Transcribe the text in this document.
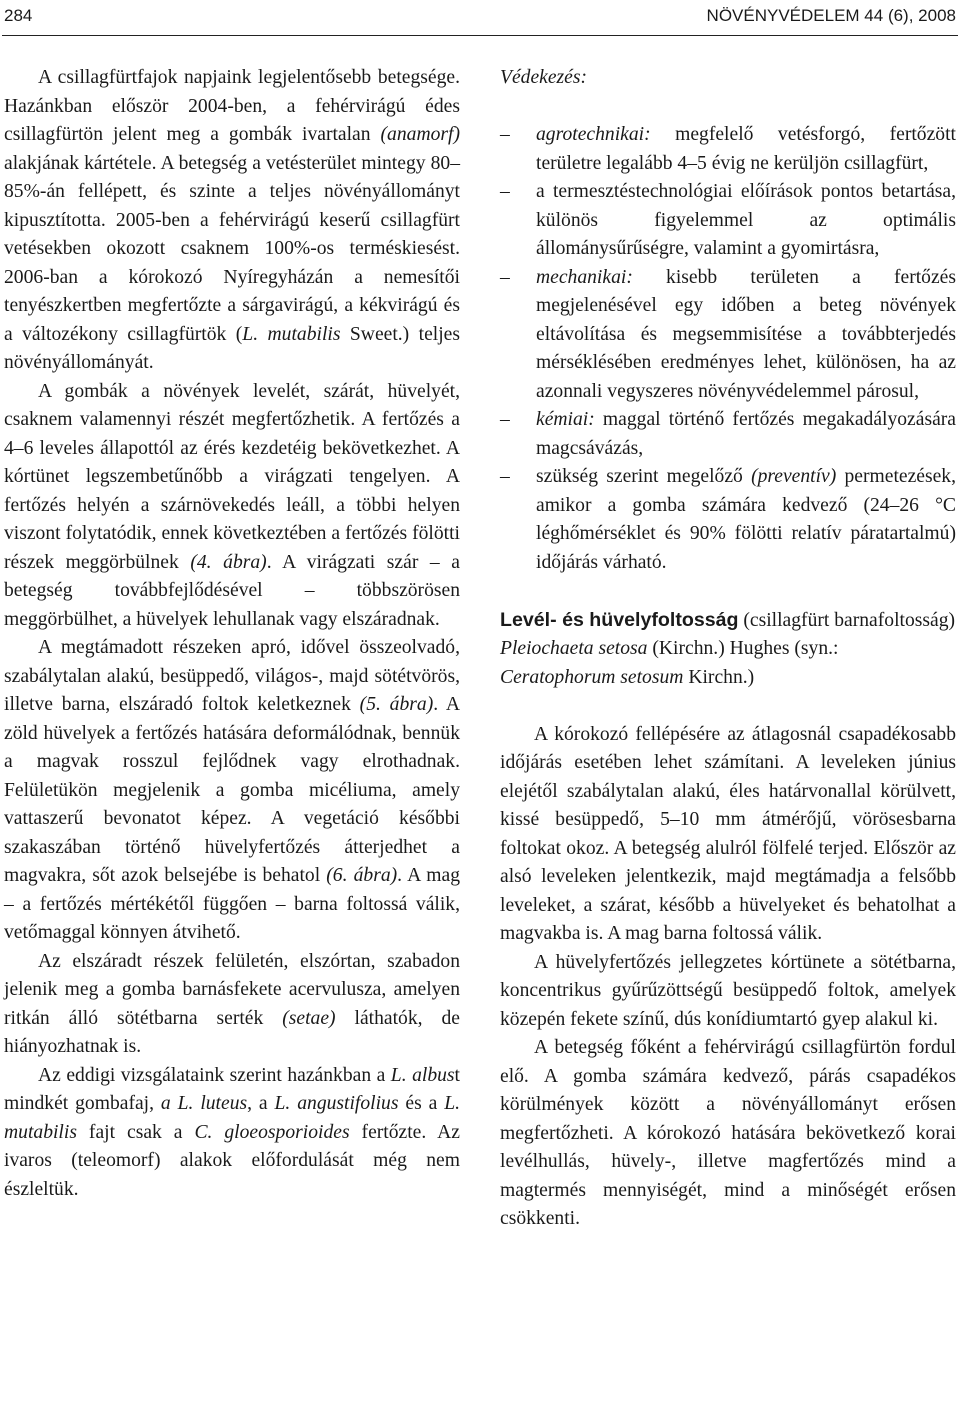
284	NÖVÉNYVÉDELEM 44 (6), 2008

A csillagfürtfajok napjaink legjelentősebb betegsége. Hazánkban először 2004-ben, a fehérvirágú édes csillagfürtön jelent meg a gombák ivartalan (anamorf) alakjának kártétele. A betegség a vetésterület mintegy 80–85%-án fellépett, és szinte a teljes növényállományt kipusztította. 2005-ben a fehérvirágú keserű csillagfürt vetésekben okozott csaknem 100%-os terméskiesést. 2006-ban a kórokozó Nyíregyházán a nemesítői tenyészkertben megfertőzte a sárgavirágú, a kékvirágú és a változékony csillagfürtök (L. mutabilis Sweet.) teljes növényállományát.

A gombák a növények levelét, szárát, hüvelyét, csaknem valamennyi részét megfertőzhetik. A fertőzés a 4–6 leveles állapottól az érés kezdetéig bekövetkezhet. A kórtünet legszembetűnőbb a virágzati tengelyen. A fertőzés helyén a szárnövekedés leáll, a többi helyen viszont folytatódik, ennek következtében a fertőzés fölötti részek meggörbülnek (4. ábra). A virágzati szár – a betegség továbbfejlődésével – többszörösen meggörbülhet, a hüvelyek lehullanak vagy elszáradnak.

A megtámadott részeken apró, idővel összeolvadó, szabálytalan alakú, besüppedő, világos-, majd sötétvörös, illetve barna, elszáradó foltok keletkeznek (5. ábra). A zöld hüvelyek a fertőzés hatására deformálódnak, bennük a magvak rosszul fejlődnek vagy elrothadnak. Felületükön megjelenik a gomba micéliuma, amely vattaszerű bevonatot képez. A vegetáció későbbi szakaszában történő hüvelyfertőzés átterjedhet a magvakra, sőt azok belsejébe is behatol (6. ábra). A mag – a fertőzés mértékétől függően – barna foltossá válik, vetőmaggal könnyen átvihető.

Az elszáradt részek felületén, elszórtan, szabadon jelenik meg a gomba barnásfekete acervulusza, amelyen ritkán álló sötétbarna serték (setae) láthatók, de hiányozhatnak is.

Az eddigi vizsgálataink szerint hazánkban a L. albust mindkét gombafaj, a L. luteus, a L. angustifolius és a L. mutabilis fajt csak a C. gloeosporioides fertőzte. Az ivaros (teleomorf) alakok előfordulását még nem észleltük.

Védekezés:

– agrotechnikai: megfelelő vetésforgó, fertőzött területre legalább 4–5 évig ne kerüljön csillagfürt,
– a termesztéstechnológiai előírások pontos betartása, különös figyelemmel az optimális állománysűrűségre, valamint a gyomirtásra,
– mechanikai: kisebb területen a fertőzés megjelenésével egy időben a beteg növények eltávolítása és megsemmisítése a továbbterjedés mérséklésében eredményes lehet, különösen, ha az azonnali vegyszeres növényvédelemmel párosul,
– kémiai: maggal történő fertőzés megakadályozására magcsávázás,
– szükség szerint megelőző (preventív) permetezések, amikor a gomba számára kedvező (24–26 °C léghőmérséklet és 90% fölötti relatív páratartalmú) időjárás várható.

Levél- és hüvelyfoltosság (csillagfürt barnafoltosság)
Pleiochaeta setosa (Kirchn.) Hughes (syn.:
Ceratophorum setosum Kirchn.)

A kórokozó fellépésére az átlagosnál csapadékosabb időjárás esetében lehet számítani. A leveleken június elejétől szabálytalan alakú, éles határvonallal körülvett, kissé besüppedő, 5–10 mm átmérőjű, vörösesbarna foltokat okoz. A betegség alulról fölfelé terjed. Először az alsó leveleken jelentkezik, majd megtámadja a felsőbb leveleket, a szárat, később a hüvelyeket és behatolhat a magvakba is. A mag barna foltossá válik.

A hüvelyfertőzés jellegzetes kórtünete a sötétbarna, koncentrikus gyűrűzöttségű besüppedő foltok, amelyek közepén fekete színű, dús konídiumtartó gyep alakul ki.

A betegség főként a fehérvirágú csillagfürtön fordul elő. A gomba számára kedvező, párás csapadékos körülmények között a növényállományt erősen megfertőzheti. A kórokozó hatására bekövetkező korai levélhullás, hüvely-, illetve magfertőzés mind a magtermés mennyiségét, mind a minőségét erősen csökkenti.
